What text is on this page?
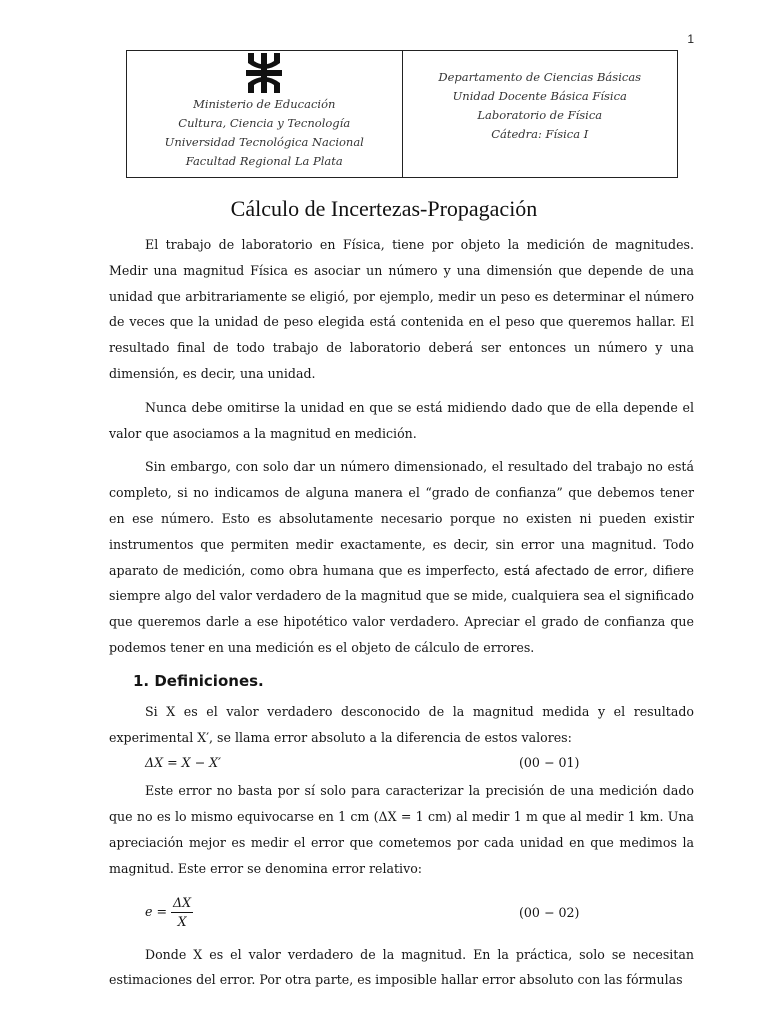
1
Ministerio de Educación
Cultura, Ciencia y Tecnología
Universidad Tecnológica Nacional
Facultad Regional La Plata
Departamento de Ciencias Básicas
Unidad Docente Básica Física
Laboratorio de Física
Cátedra: Física I
Cálculo de Incertezas-Propagación

El trabajo de laboratorio en Física, tiene por objeto la medición de magnitudes. Medir una magnitud Física es asociar un número y una dimensión que depende de una unidad que arbitrariamente se eligió, por ejemplo, medir un peso es determinar el número de veces que la unidad de peso elegida está contenida en el peso que queremos hallar. El resultado final de todo trabajo de laboratorio deberá ser entonces un número y una dimensión, es decir, una unidad.

Nunca debe omitirse la unidad en que se está midiendo dado que de ella depende el valor que asociamos a la magnitud en medición.

Sin embargo, con solo dar un número dimensionado, el resultado del trabajo no está completo, si no indicamos de alguna manera el “grado de confianza” que debemos tener en ese número. Esto es absolutamente necesario porque no existen ni pueden existir instrumentos que permiten medir exactamente, es decir, sin error una magnitud. Todo aparato de medición, como obra humana que es imperfecto, está afectado de error, difiere siempre algo del valor verdadero de la magnitud que se mide, cualquiera sea el significado que queremos darle a ese hipotético valor verdadero. Apreciar el grado de confianza que podemos tener en una medición es el objeto de cálculo de errores.

1. Definiciones.

Si X es el valor verdadero desconocido de la magnitud medida y el resultado experimental X′, se llama error absoluto a la diferencia de estos valores:

ΔX = X − X′	(00 − 01)

Este error no basta por sí solo para caracterizar la precisión de una medición dado que no es lo mismo equivocarse en 1 cm (ΔX = 1 cm) al medir 1 m que al medir 1 km. Una apreciación mejor es medir el error que cometemos por cada unidad en que medimos la magnitud. Este error se denomina error relativo:

$e = \frac{\Delta X}{X}$	(00 − 02)

Donde X es el valor verdadero de la magnitud. En la práctica, solo se necesitan estimaciones del error. Por otra parte, es imposible hallar error absoluto con las fórmulas
